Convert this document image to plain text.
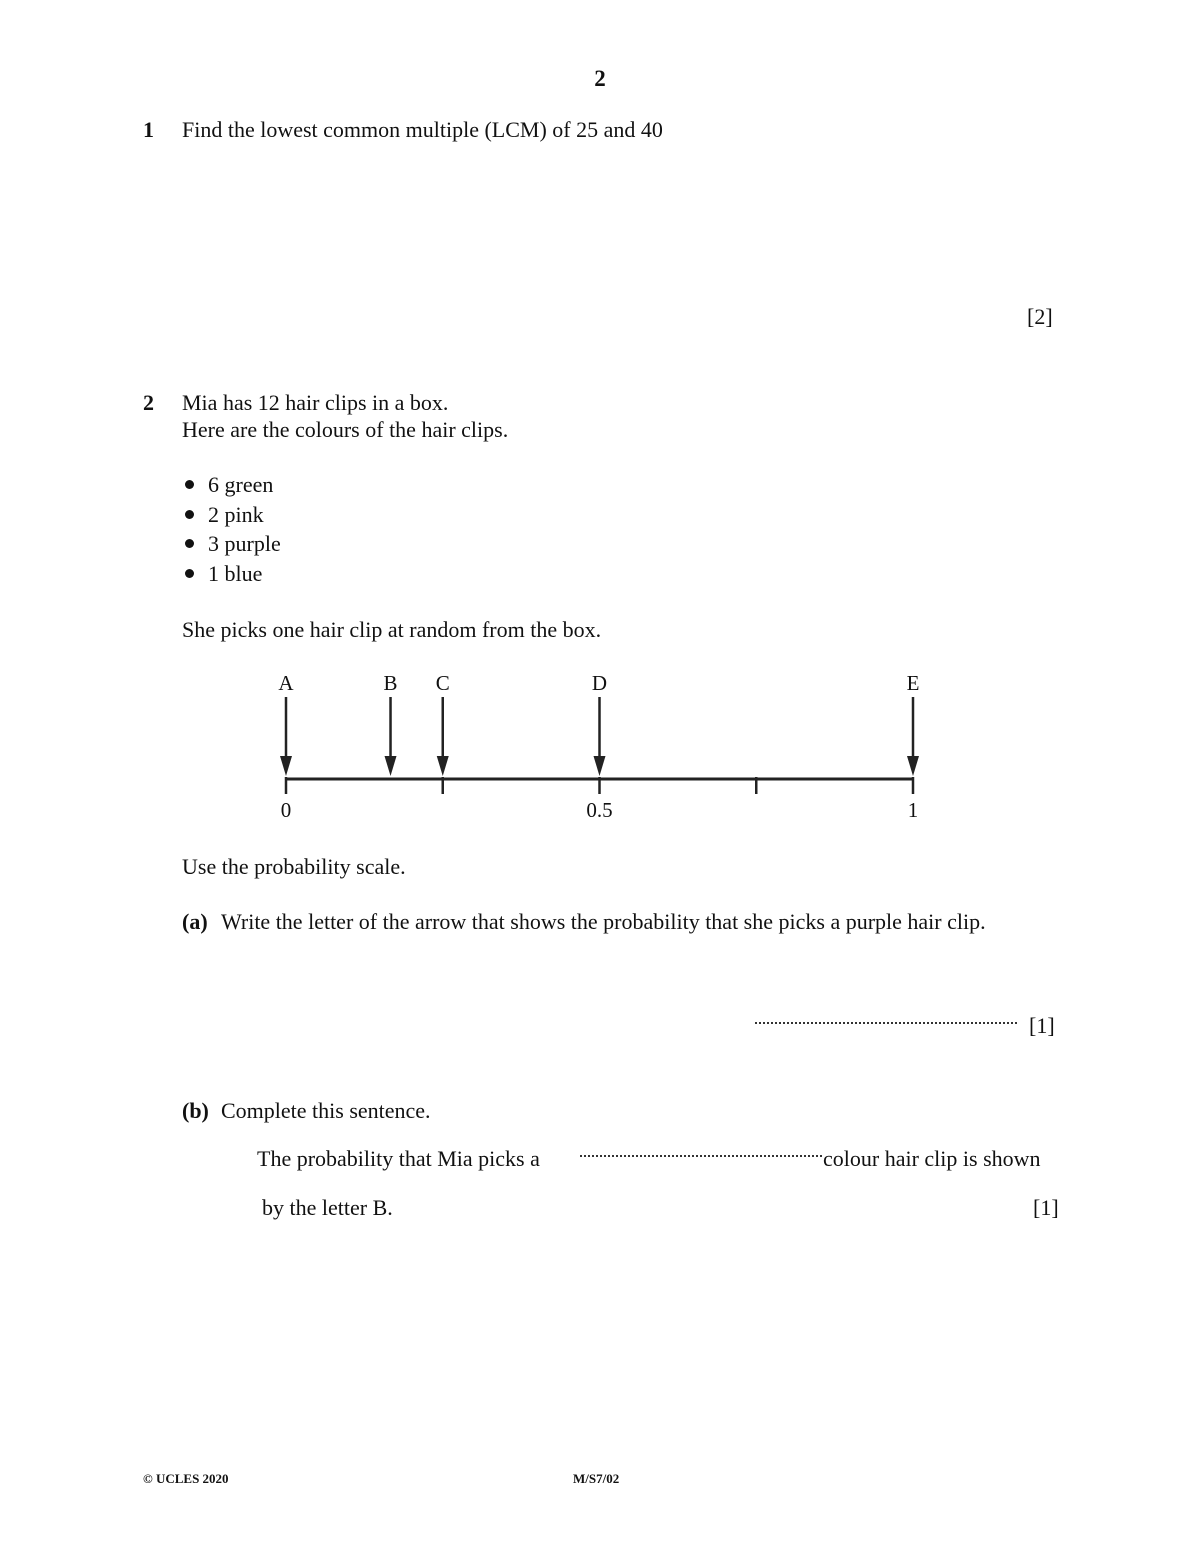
2
1 Find the lowest common multiple (LCM) of 25 and 40
[2]
2 Mia has 12 hair clips in a box.
Here are the colours of the hair clips.
6 green
2 pink
3 purple
1 blue
She picks one hair clip at random from the box.
0	0.5	1
A	B C	D	E
Use the probability scale.
(a) Write the letter of the arrow that shows the probability that she picks a purple hair clip.
[1]
(b) Complete this sentence.
The probability that Mia picks a	colour hair clip is shown
by the letter B.	[1]
© UCLES 2020	M/S7/02
